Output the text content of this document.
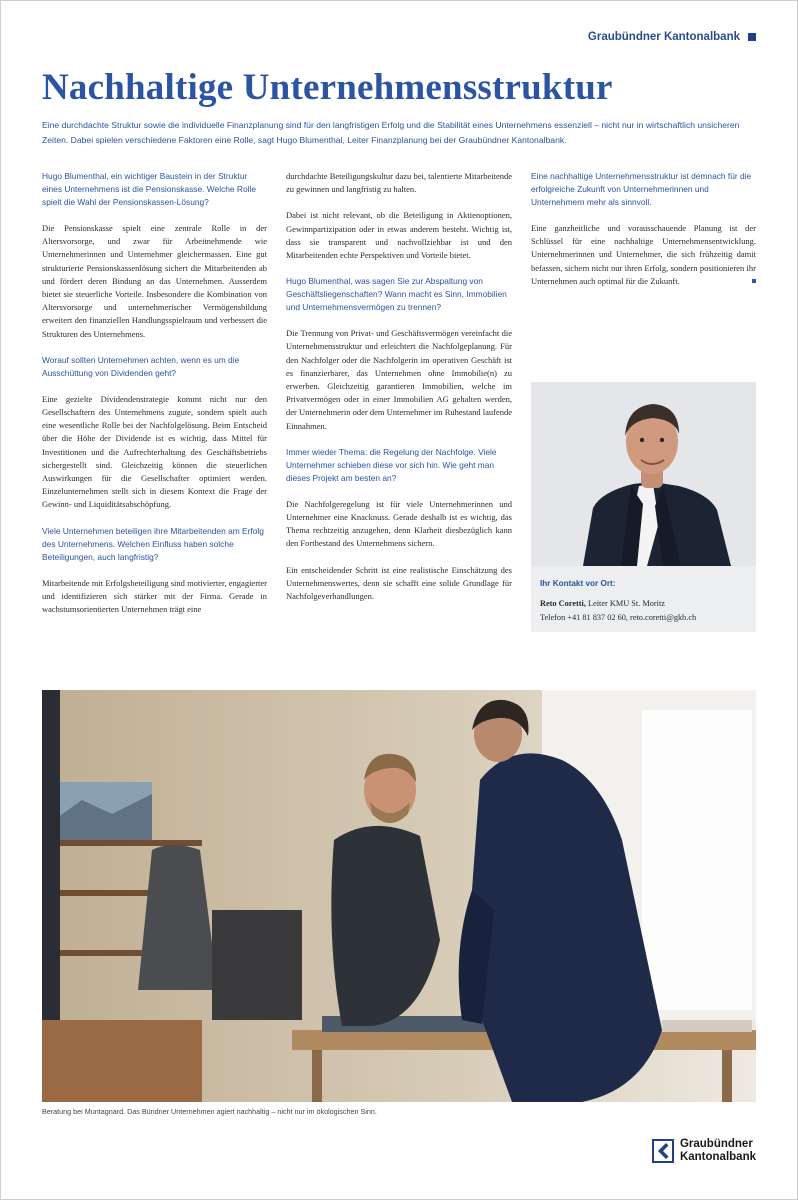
Graubündner Kantonalbank
Nachhaltige Unternehmensstruktur

Eine durchdachte Struktur sowie die individuelle Finanzplanung sind für den langfristigen Erfolg und die Stabilität eines Unternehmens essenziell – nicht nur in wirtschaftlich unsicheren Zeiten. Dabei spielen verschiedene Faktoren eine Rolle, sagt Hugo Blumenthal, Leiter Finanzplanung bei der Graubündner Kantonalbank.

Hugo Blumenthal, ein wichtiger Baustein in der Struktur eines Unternehmens ist die Pensionskasse. Welche Rolle spielt die Wahl der Pensionskassen-Lösung?

Die Pensionskasse spielt eine zentrale Rolle in der Altersvorsorge, und zwar für Arbeitnehmende wie Unternehmerinnen und Unternehmer gleichermassen. Eine gut strukturierte Pensionskassenlösung sichert die Mitarbeitenden ab und fördert deren Bindung an das Unternehmen. Ausserdem bietet sie steuerliche Vorteile. Insbesondere die Kombination von Altersvorsorge und unternehmerischer Vermögensbildung erweitert den finanziellen Handlungsspielraum und verbessert die Strukturen des Unternehmens.

Worauf sollten Unternehmen achten, wenn es um die Ausschüttung von Dividenden geht?

Eine gezielte Dividendenstrategie kommt nicht nur den Gesellschaftern des Unternehmens zugute, sondern spielt auch eine wesentliche Rolle bei der Nachfolgelösung. Beim Entscheid über die Höhe der Dividende ist es wichtig, dass Mittel für Investitionen und die Aufrechterhaltung des Geschäftsbetriebs sichergestellt sind. Gleichzeitig können die steuerlichen Auswirkungen für die Gesellschafter optimiert werden. Einzelunternehmen stellt sich in diesem Kontext die Frage der Gewinn- und Liquiditätsabschöpfung.

Viele Unternehmen beteiligen ihre Mitarbeitenden am Erfolg des Unternehmens. Welchen Einfluss haben solche Beteiligungen, auch langfristig?

Mitarbeitende mit Erfolgsbeteiligung sind motivierter, engagierter und identifizieren sich stärker mit der Firma. Gerade in wachstumsorientierten Unternehmen trägt eine

durchdachte Beteiligungskultur dazu bei, talentierte Mitarbeitende zu gewinnen und langfristig zu halten.

Dabei ist nicht relevant, ob die Beteiligung in Aktienoptionen, Gewinnpartizipation oder in etwas anderem besteht. Wichtig ist, dass sie transparent und nachvollziehbar ist und den Mitarbeitenden echte Perspektiven und Vorteile bietet.

Hugo Blumenthal, was sagen Sie zur Abspaltung von Geschäftsliegenschaften? Wann macht es Sinn, Immobilien und Unternehmensvermögen zu trennen?

Die Trennung von Privat- und Geschäftsvermögen vereinfacht die Unternehmensstruktur und erleichtert die Nachfolgeplanung. Für den Nachfolger oder die Nachfolgerin im operativen Geschäft ist es finanzierbarer, das Unternehmen ohne Immobilie(n) zu erwerben. Gleichzeitig garantieren Immobilien, welche im Privatvermögen oder in einer Immobilien AG gehalten werden, der Unternehmerin oder dem Unternehmer im Ruhestand laufende Einnahmen.

Immer wieder Thema: die Regelung der Nachfolge. Viele Unternehmer schieben diese vor sich hin. Wie geht man dieses Projekt am besten an?

Die Nachfolgeregelung ist für viele Unternehmerinnen und Unternehmer eine Knacknuss. Gerade deshalb ist es wichtig, das Thema rechtzeitig anzugehen, denn Klarheit diesbezüglich kann den Fortbestand des Unternehmens sichern.

Ein entscheidender Schritt ist eine realistische Einschätzung des Unternehmenswertes, denn sie schafft eine solide Grundlage für Nachfolgeverhandlungen.

Eine nachhaltige Unternehmensstruktur ist demnach für die erfolgreiche Zukunft von Unternehmerinnen und Unternehmern mehr als sinnvoll.

Eine ganzheitliche und vorausschauende Planung ist der Schlüssel für eine nachhaltige Unternehmensentwicklung. Unternehmerinnen und Unternehmer, die sich frühzeitig damit befassen, sichern nicht nur ihren Erfolg, sondern positionieren ihr Unternehmen auch optimal für die Zukunft.

Ihr Kontakt vor Ort:
Reto Coretti, Leiter KMU St. Moritz
Telefon +41 81 837 02 60, reto.coretti@gkb.ch
Beratung bei Muntagnard. Das Bündner Unternehmen agiert nachhaltig – nicht nur im ökologischen Sinn.
Graubündner
Kantonalbank
